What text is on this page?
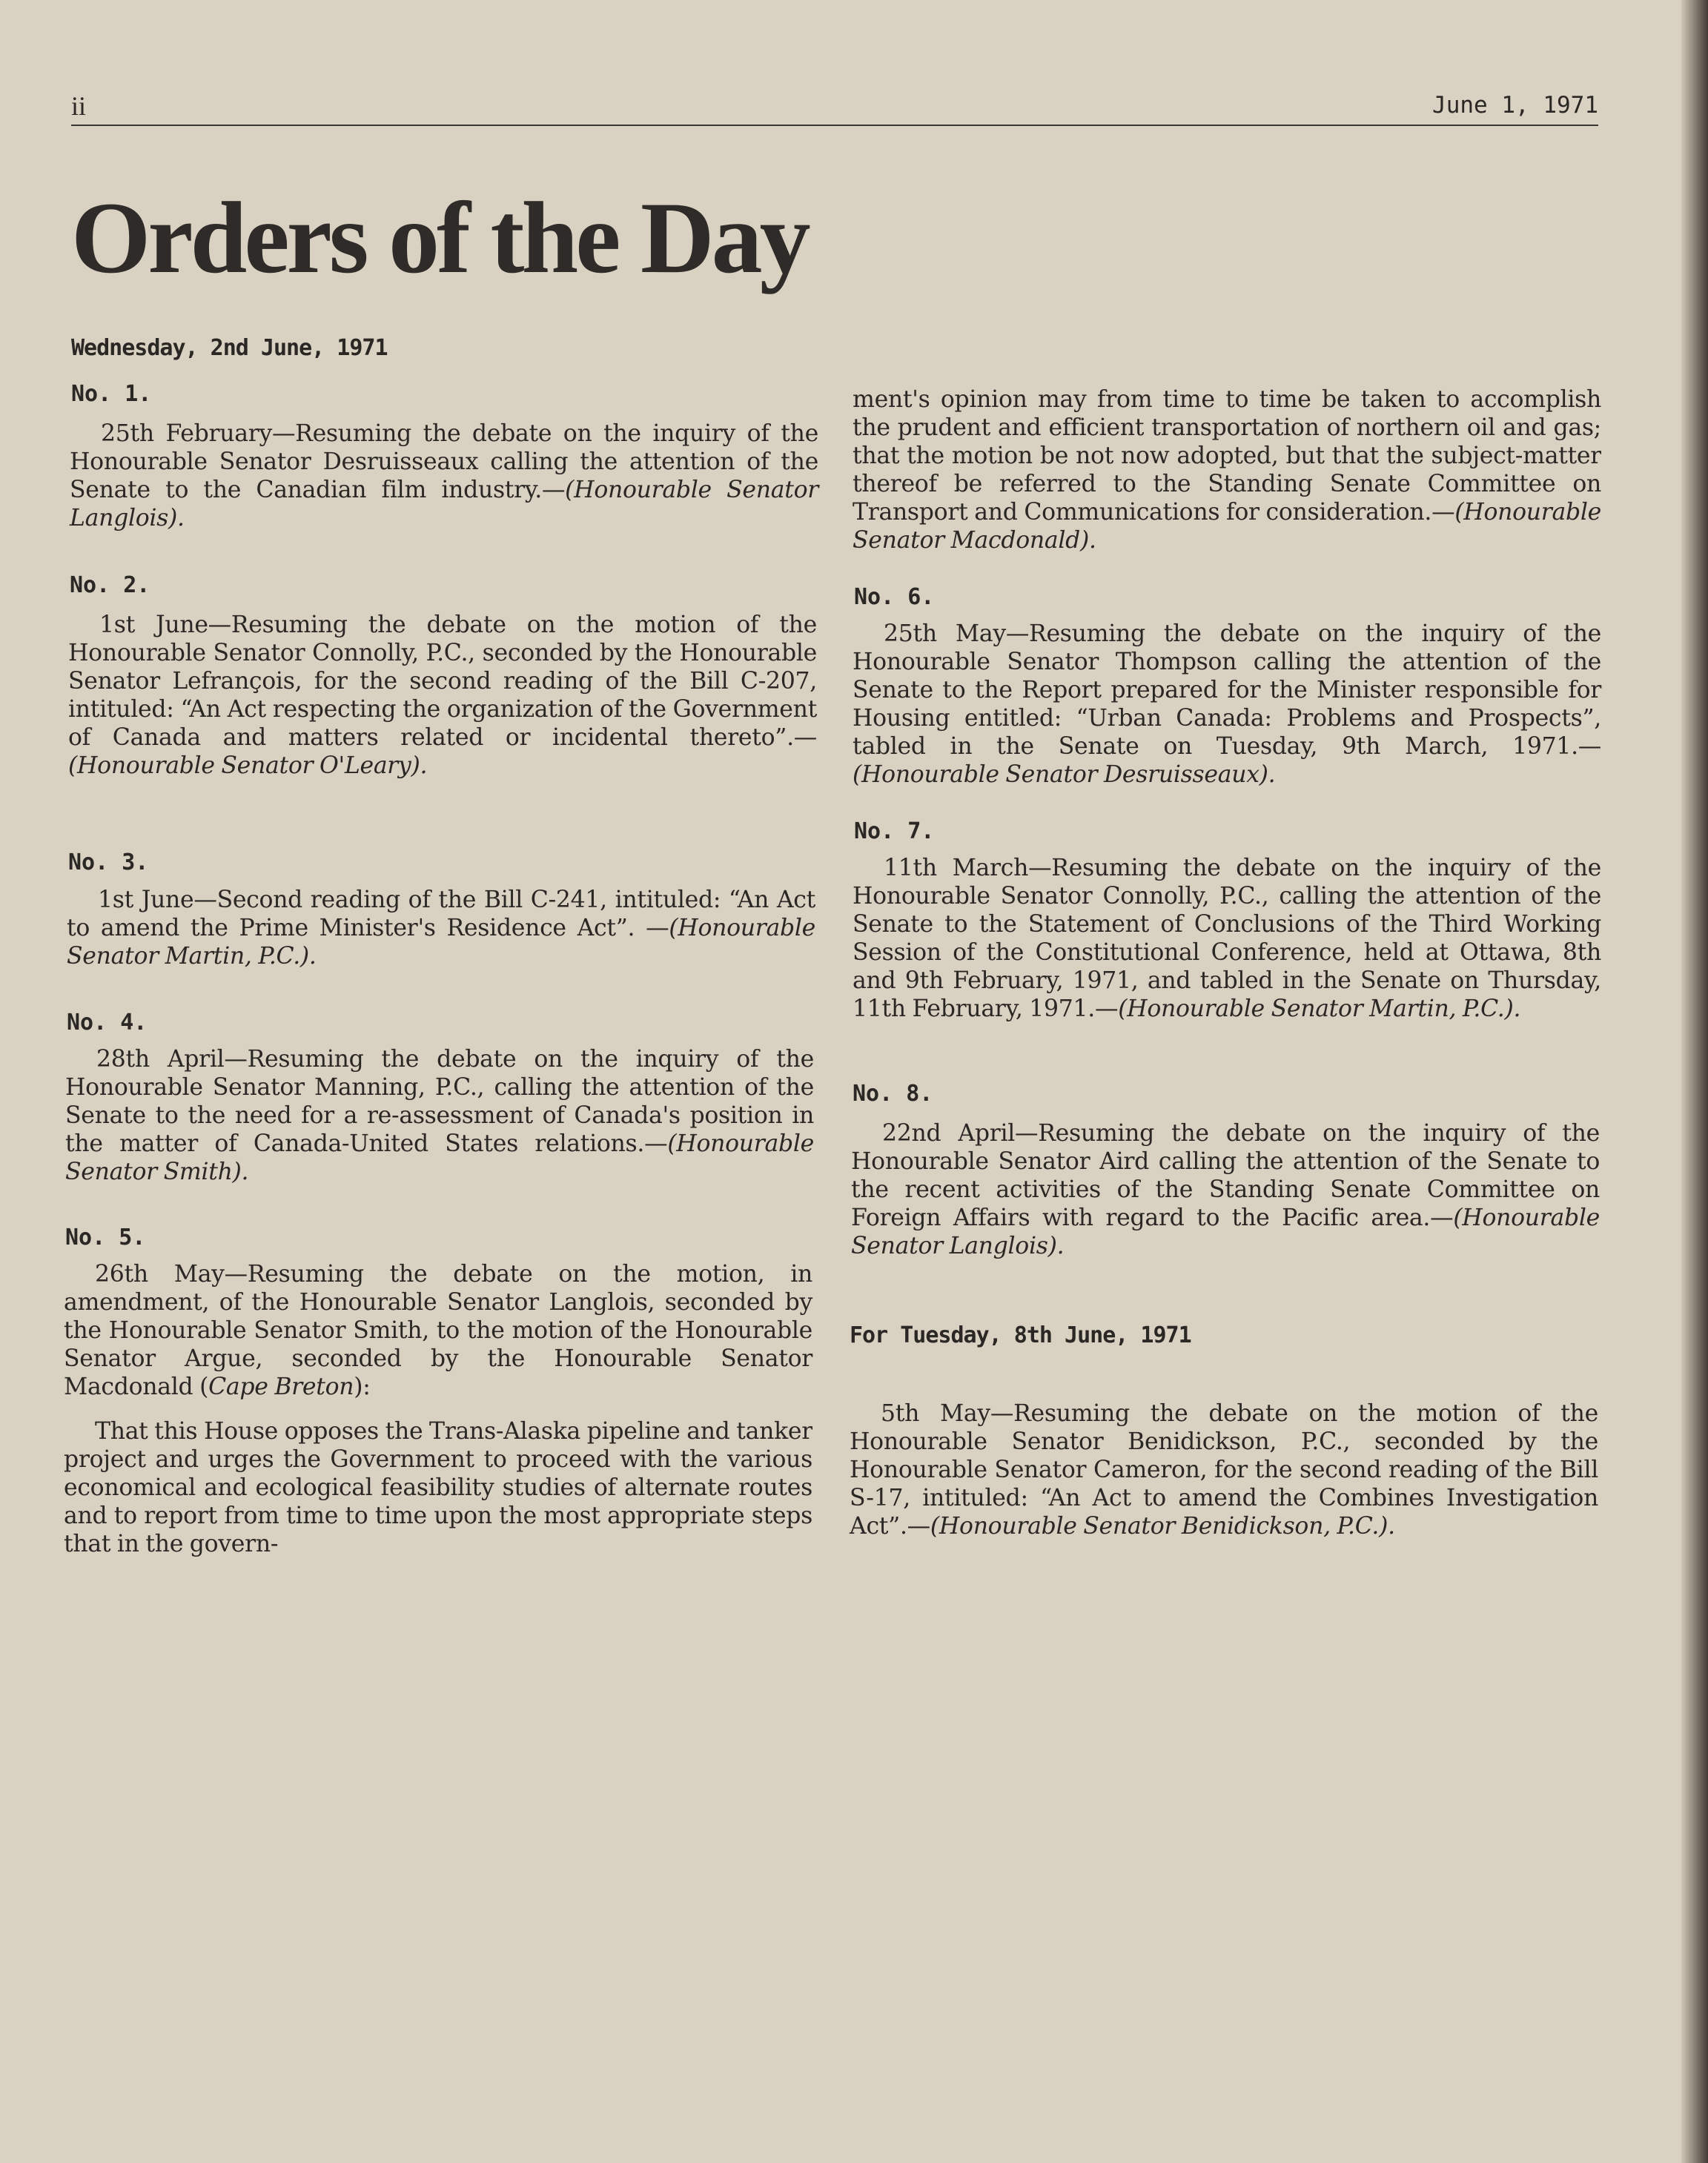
ii	June 1, 1971
Orders of the Day
Wednesday, 2nd June, 1971
No. 1.
25th February—Resuming the debate on the inquiry of the Honourable Senator Desruisseaux calling the attention of the Senate to the Canadian film industry.—(Honourable Senator Langlois).
No. 2.
1st June—Resuming the debate on the motion of the Honourable Senator Connolly, P.C., seconded by the Honourable Senator Lefrançois, for the second reading of the Bill C-207, intituled: “An Act respecting the organization of the Government of Canada and matters related or incidental thereto”.—(Honourable Senator O'Leary).
No. 3.
1st June—Second reading of the Bill C-241, intituled: “An Act to amend the Prime Minister's Residence Act”. —(Honourable Senator Martin, P.C.).
No. 4.
28th April—Resuming the debate on the inquiry of the Honourable Senator Manning, P.C., calling the attention of the Senate to the need for a re-assessment of Canada's position in the matter of Canada-United States relations.—(Honourable Senator Smith).
No. 5.
26th May—Resuming the debate on the motion, in amendment, of the Honourable Senator Langlois, seconded by the Honourable Senator Smith, to the motion of the Honourable Senator Argue, seconded by the Honourable Senator Macdonald (Cape Breton):
That this House opposes the Trans-Alaska pipeline and tanker project and urges the Government to proceed with the various economical and ecological feasibility studies of alternate routes and to report from time to time upon the most appropriate steps that in the govern-
ment's opinion may from time to time be taken to accomplish the prudent and efficient transportation of northern oil and gas; that the motion be not now adopted, but that the subject-matter thereof be referred to the Standing Senate Committee on Transport and Communications for consideration.—(Honourable Senator Macdonald).
No. 6.
25th May—Resuming the debate on the inquiry of the Honourable Senator Thompson calling the attention of the Senate to the Report prepared for the Minister responsible for Housing entitled: “Urban Canada: Problems and Prospects”, tabled in the Senate on Tuesday, 9th March, 1971.—(Honourable Senator Desruisseaux).
No. 7.
11th March—Resuming the debate on the inquiry of the Honourable Senator Connolly, P.C., calling the attention of the Senate to the Statement of Conclusions of the Third Working Session of the Constitutional Conference, held at Ottawa, 8th and 9th February, 1971, and tabled in the Senate on Thursday, 11th February, 1971.—(Honourable Senator Martin, P.C.).
No. 8.
22nd April—Resuming the debate on the inquiry of the Honourable Senator Aird calling the attention of the Senate to the recent activities of the Standing Senate Committee on Foreign Affairs with regard to the Pacific area.—(Honourable Senator Langlois).
For Tuesday, 8th June, 1971
5th May—Resuming the debate on the motion of the Honourable Senator Benidickson, P.C., seconded by the Honourable Senator Cameron, for the second reading of the Bill S-17, intituled: “An Act to amend the Combines Investigation Act”.—(Honourable Senator Benidickson, P.C.).
